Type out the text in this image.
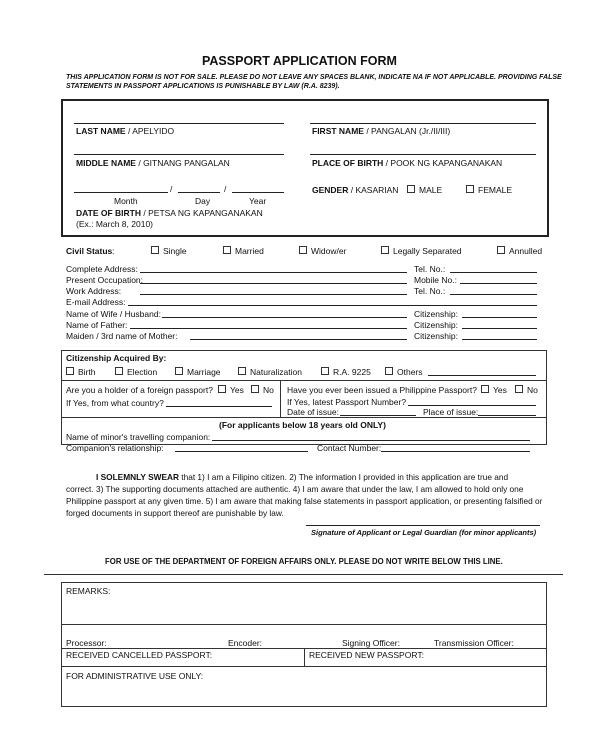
PASSPORT APPLICATION FORM
THIS APPLICATION FORM IS NOT FOR SALE. PLEASE DO NOT LEAVE ANY SPACES BLANK, INDICATE NA IF NOT APPLICABLE. PROVIDING FALSE
STATEMENTS IN PASSPORT APPLICATIONS IS PUNISHABLE BY LAW (R.A. 8239).
LAST NAME / APELYIDO	FIRST NAME / PANGALAN (Jr./II/III)
MIDDLE NAME / GITNANG PANGALAN	PLACE OF BIRTH / POOK NG KAPANGANAKAN
/	/
Month	Day	Year
DATE OF BIRTH / PETSA NG KAPANGANAKAN
(Ex.: March 8, 2010)
GENDER / KASARIAN	MALE	FEMALE
Civil Status :	Single	Married	Widow/er	Legally Separated	Annulled
Complete Address:	Tel. No.:
Present Occupation:	Mobile No.:
Work Address:	Tel. No.:
E-mail Address:
Name of Wife / Husband:	Citizenship:
Name of Father:	Citizenship:
Maiden / 3rd name of Mother:	Citizenship:
Citizenship Acquired By:
Birth	Election	Marriage	Naturalization	R.A. 9225	Others
Are you a holder of a foreign passport?	Yes	No
If Yes, from what country?
Have you ever been issued a Philippine Passport?	Yes	No
If Yes, latest Passport Number?
Date of issue:	Place of issue:
(For applicants below 18 years old ONLY)
Name of minor's travelling companion:
Companion's relationship:	Contact Number:
I SOLEMNLY SWEAR that 1) I am a Filipino citizen. 2) The information I provided in this application are true and
correct. 3) The supporting documents attached are authentic. 4) I am aware that under the law, I am allowed to hold only one
Philippine passport at any given time. 5) I am aware that making false statements in passport application, or presenting falsified or
forged documents in support thereof are punishable by law.
Signature of Applicant or Legal Guardian (for minor applicants)
FOR USE OF THE DEPARTMENT OF FOREIGN AFFAIRS ONLY. PLEASE DO NOT WRITE BELOW THIS LINE.
REMARKS:
Processor:	Encoder:	Signing Officer:	Transmission Officer:
RECEIVED CANCELLED PASSPORT:	RECEIVED NEW PASSPORT:
FOR ADMINISTRATIVE USE ONLY:
